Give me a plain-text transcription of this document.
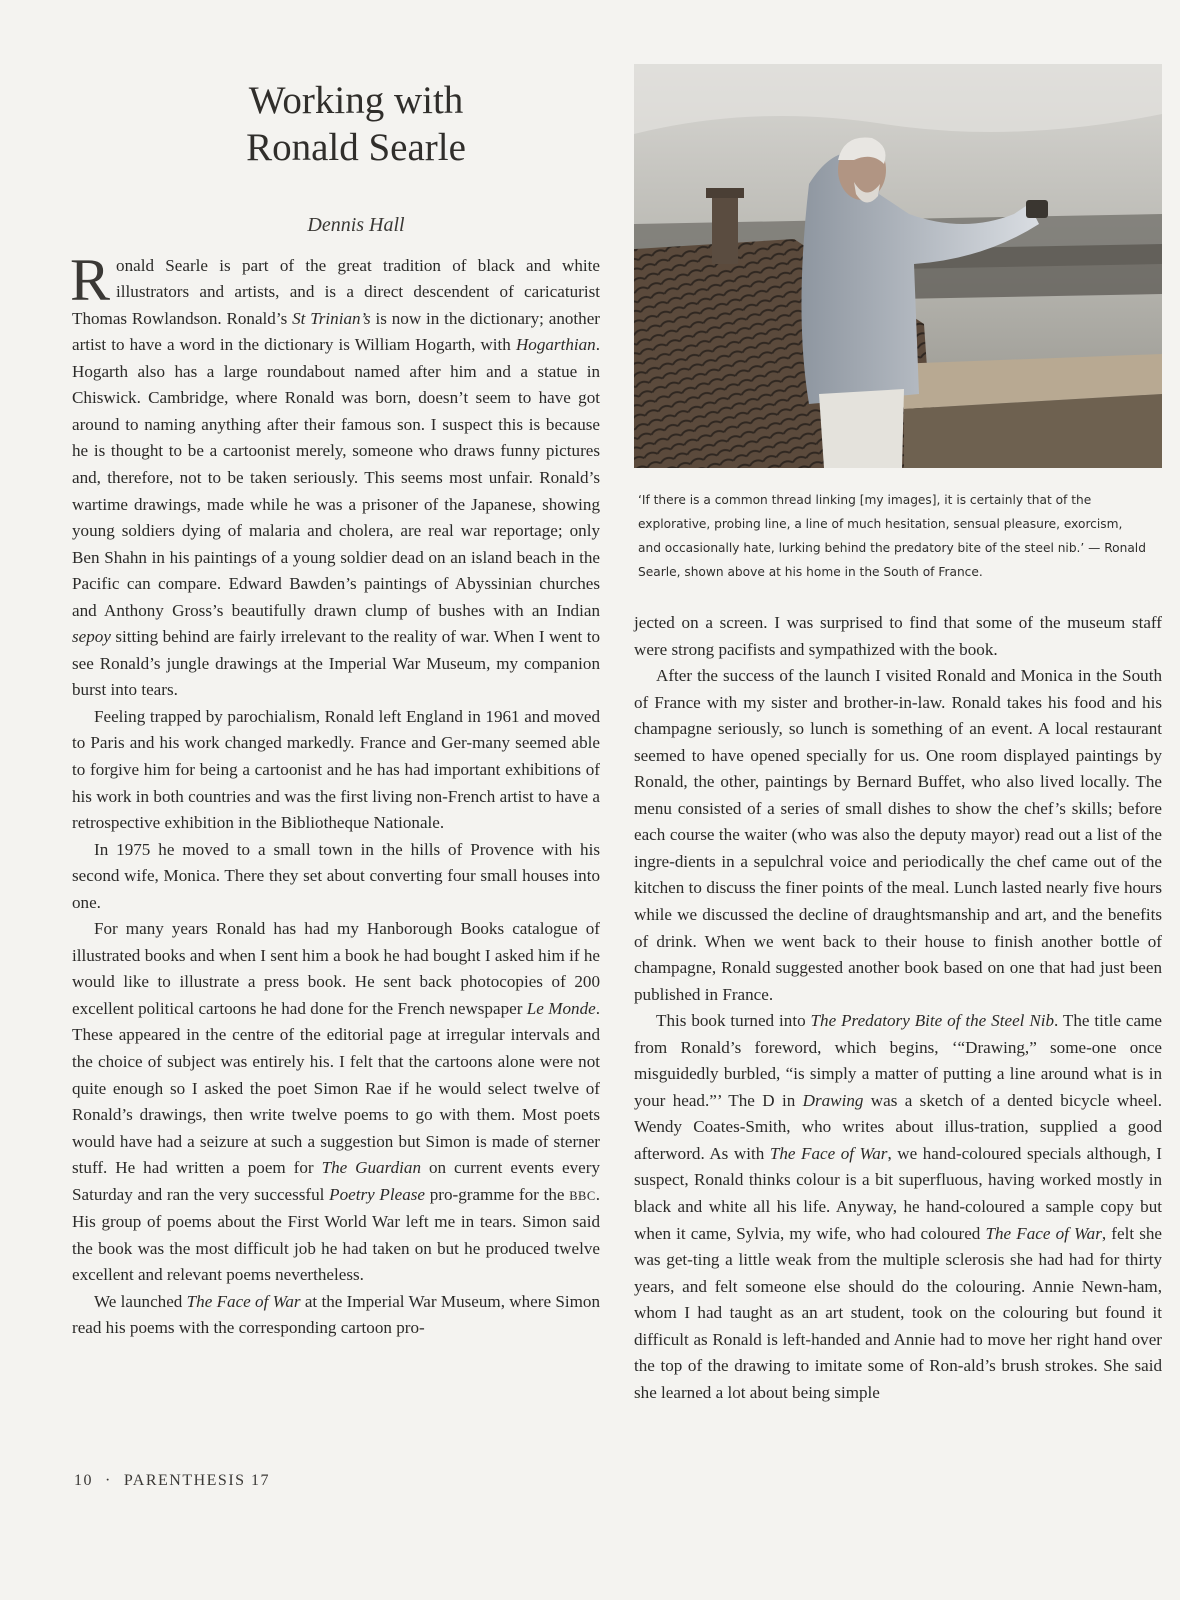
Working with
Ronald Searle
Dennis Hall

Ronald Searle is part of the great tradition of black and white illustrators and artists, and is a direct descendent of caricaturist Thomas Rowlandson. Ronald’s St Trinian’s is now in the dictionary; another artist to have a word in the dictionary is William Hogarth, with Hogarthian. Hogarth also has a large roundabout named after him and a statue in Chiswick. Cambridge, where Ronald was born, doesn’t seem to have got around to naming anything after their famous son. I suspect this is because he is thought to be a cartoonist merely, someone who draws funny pictures and, therefore, not to be taken seriously. This seems most unfair. Ronald’s wartime drawings, made while he was a prisoner of the Japanese, showing young soldiers dying of malaria and cholera, are real war reportage; only Ben Shahn in his paintings of a young soldier dead on an island beach in the Pacific can compare. Edward Bawden’s paintings of Abyssinian churches and Anthony Gross’s beautifully drawn clump of bushes with an Indian sepoy sitting behind are fairly irrelevant to the reality of war. When I went to see Ronald’s jungle drawings at the Imperial War Museum, my companion burst into tears.

Feeling trapped by parochialism, Ronald left England in 1961 and moved to Paris and his work changed markedly. France and Ger-many seemed able to forgive him for being a cartoonist and he has had important exhibitions of his work in both countries and was the first living non-French artist to have a retrospective exhibition in the Bibliotheque Nationale.

In 1975 he moved to a small town in the hills of Provence with his second wife, Monica. There they set about converting four small houses into one.

For many years Ronald has had my Hanborough Books catalogue of illustrated books and when I sent him a book he had bought I asked him if he would like to illustrate a press book. He sent back photocopies of 200 excellent political cartoons he had done for the French newspaper Le Monde. These appeared in the centre of the editorial page at irregular intervals and the choice of subject was entirely his. I felt that the cartoons alone were not quite enough so I asked the poet Simon Rae if he would select twelve of Ronald’s drawings, then write twelve poems to go with them. Most poets would have had a seizure at such a suggestion but Simon is made of sterner stuff. He had written a poem for The Guardian on current events every Saturday and ran the very successful Poetry Please pro-gramme for the BBC. His group of poems about the First World War left me in tears. Simon said the book was the most difficult job he had taken on but he produced twelve excellent and relevant poems nevertheless.

We launched The Face of War at the Imperial War Museum, where Simon read his poems with the corresponding cartoon pro-

‘If there is a common thread linking [my images], it is certainly that of the explorative, probing line, a line of much hesitation, sensual pleasure, exorcism, and occasionally hate, lurking behind the predatory bite of the steel nib.’ — Ronald Searle, shown above at his home in the South of France.

jected on a screen. I was surprised to find that some of the museum staff were strong pacifists and sympathized with the book.

After the success of the launch I visited Ronald and Monica in the South of France with my sister and brother-in-law. Ronald takes his food and his champagne seriously, so lunch is something of an event. A local restaurant seemed to have opened specially for us. One room displayed paintings by Ronald, the other, paintings by Bernard Buffet, who also lived locally. The menu consisted of a series of small dishes to show the chef’s skills; before each course the waiter (who was also the deputy mayor) read out a list of the ingre-dients in a sepulchral voice and periodically the chef came out of the kitchen to discuss the finer points of the meal. Lunch lasted nearly five hours while we discussed the decline of draughtsmanship and art, and the benefits of drink. When we went back to their house to finish another bottle of champagne, Ronald suggested another book based on one that had just been published in France.

This book turned into The Predatory Bite of the Steel Nib. The title came from Ronald’s foreword, which begins, ‘“Drawing,” some-one once misguidedly burbled, “is simply a matter of putting a line around what is in your head.”’ The D in Drawing was a sketch of a dented bicycle wheel. Wendy Coates-Smith, who writes about illus-tration, supplied a good afterword. As with The Face of War, we hand-coloured specials although, I suspect, Ronald thinks colour is a bit superfluous, having worked mostly in black and white all his life. Anyway, he hand-coloured a sample copy but when it came, Sylvia, my wife, who had coloured The Face of War, felt she was get-ting a little weak from the multiple sclerosis she had had for thirty years, and felt someone else should do the colouring. Annie Newn-ham, whom I had taught as an art student, took on the colouring but found it difficult as Ronald is left-handed and Annie had to move her right hand over the top of the drawing to imitate some of Ron-ald’s brush strokes. She said she learned a lot about being simple

10 · PARENTHESIS 17
